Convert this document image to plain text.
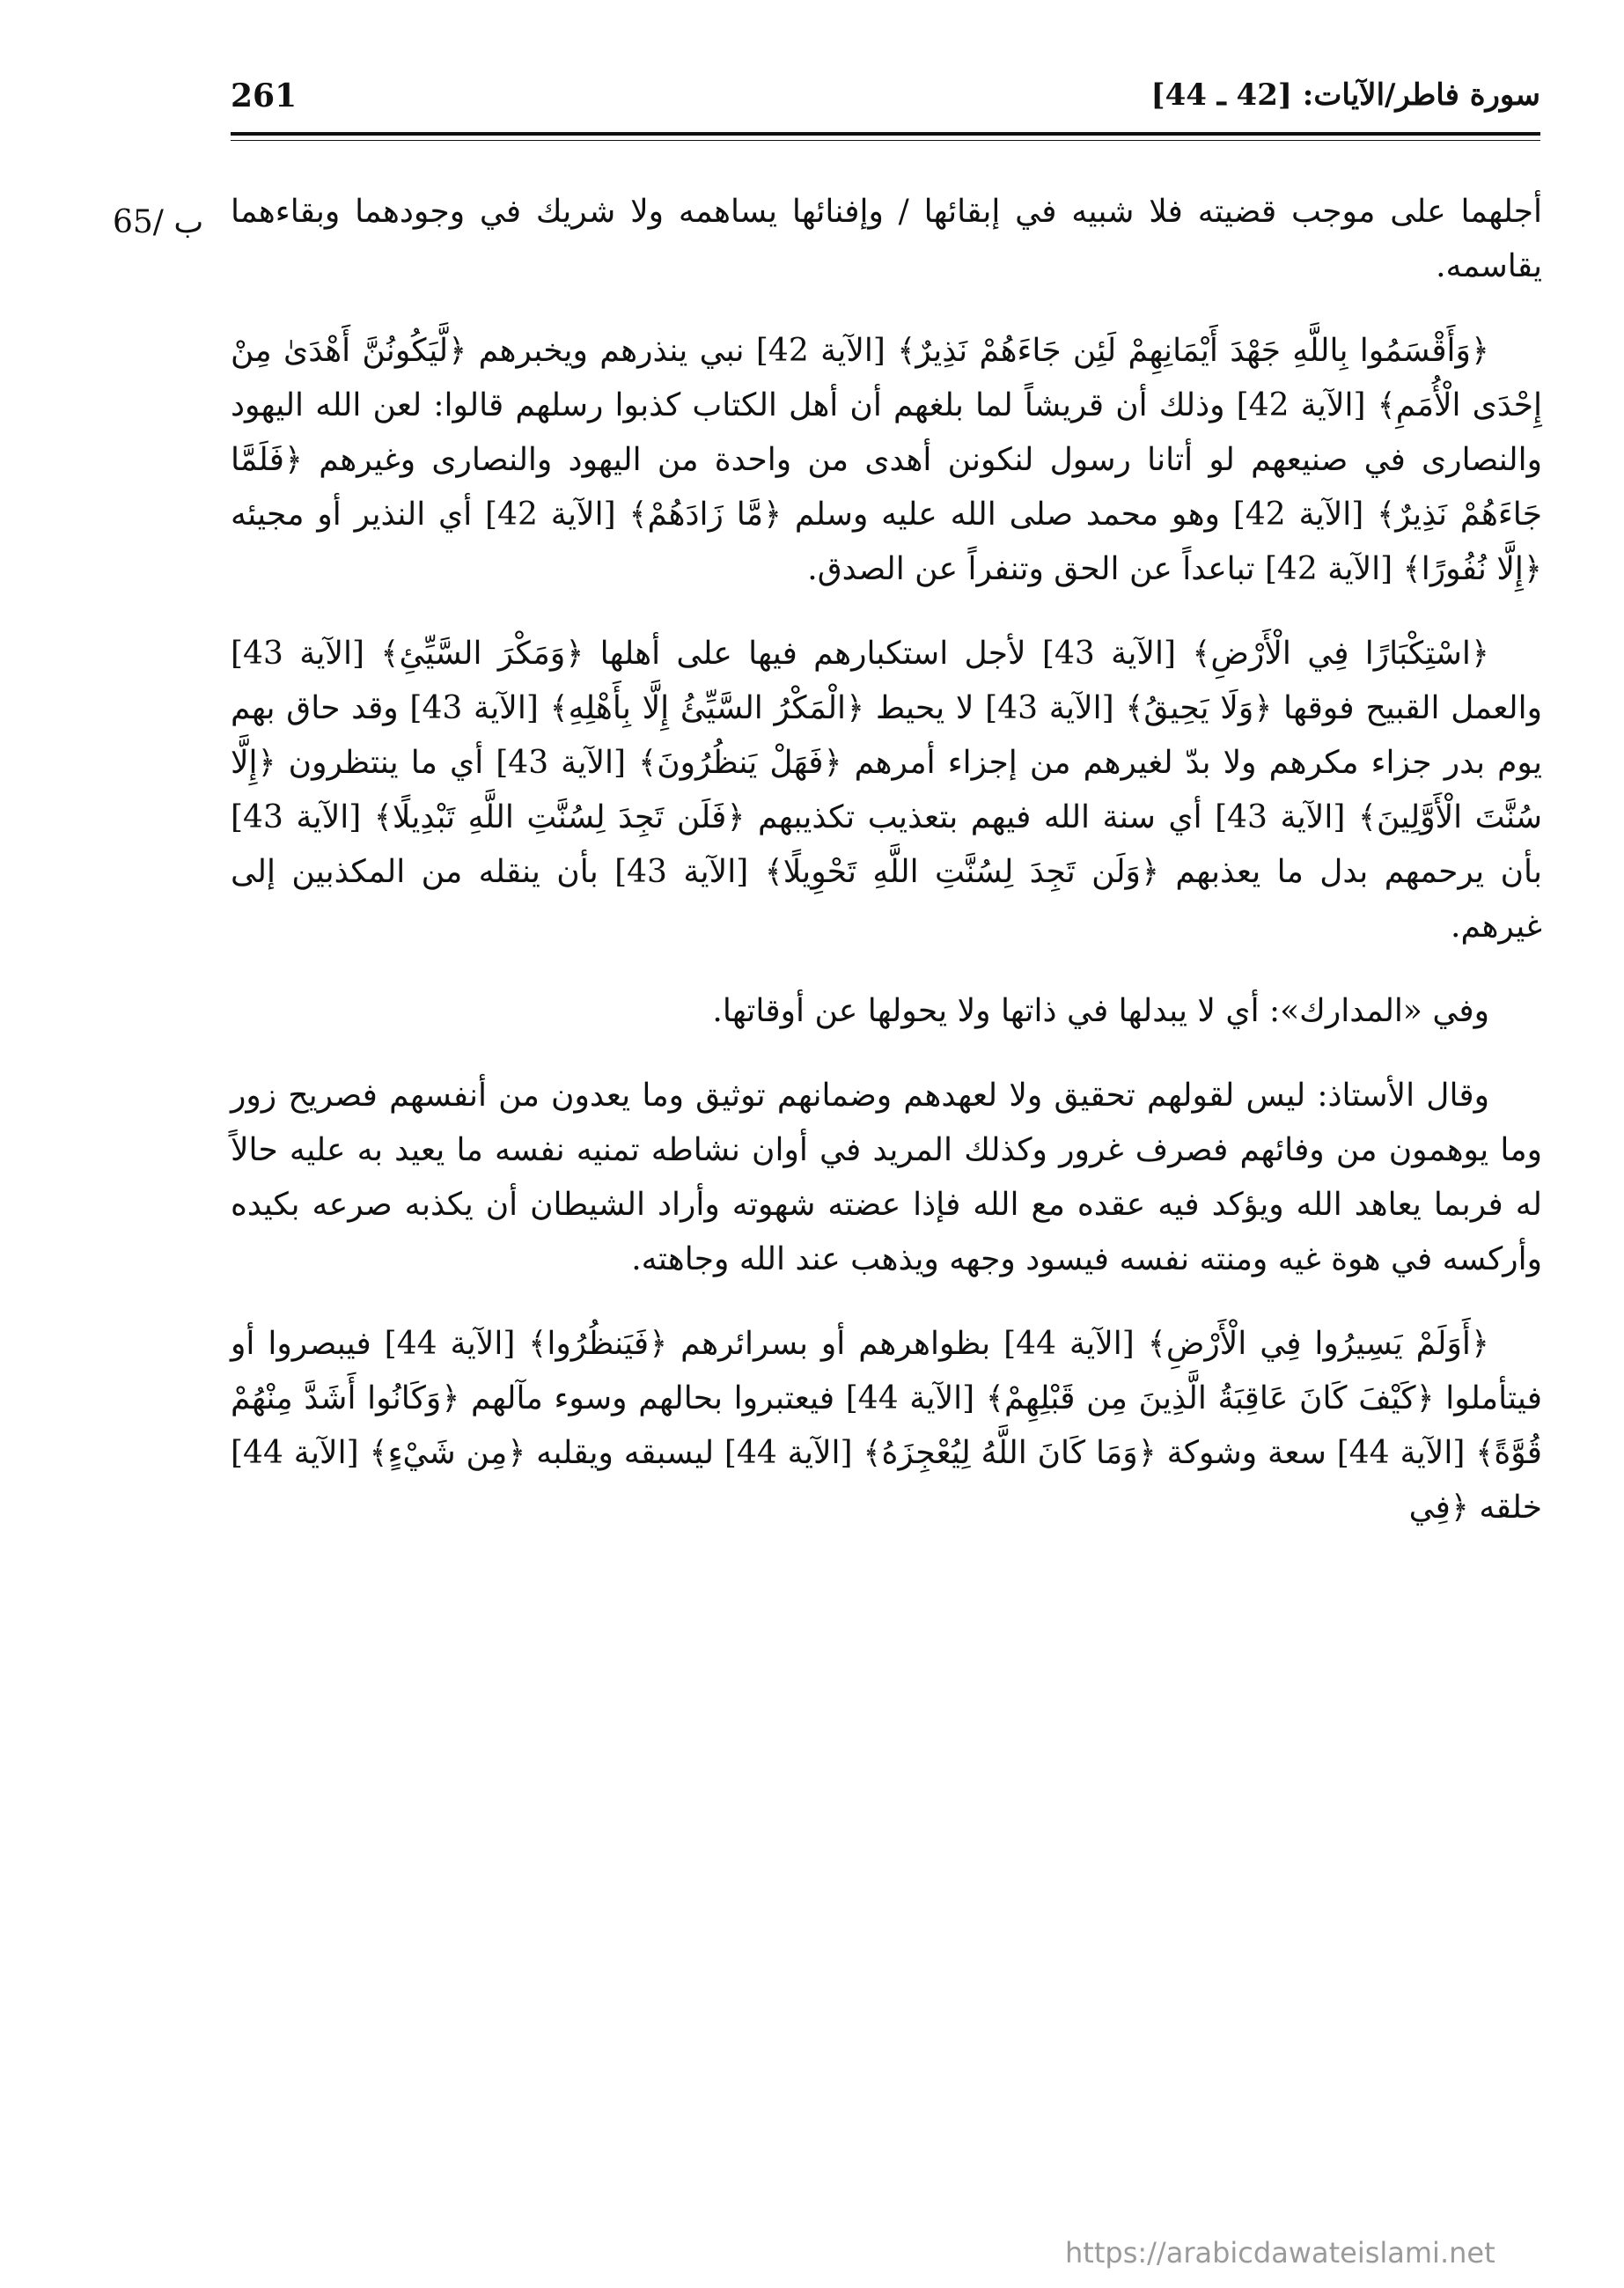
261	سورة فاطر/الآيات: [42 ـ 44]
65/ ب أجلهما على موجب قضيته فلا شبيه في إبقائها / وإفنائها يساهمه ولا شريك في وجودهما وبقاءهما يقاسمه.

﴿وَأَقْسَمُوا بِاللَّهِ جَهْدَ أَيْمَانِهِمْ لَئِن جَاءَهُمْ نَذِيرٌ﴾ [الآية 42] نبي ينذرهم ويخبرهم ﴿لَّيَكُونُنَّ أَهْدَىٰ مِنْ إِحْدَى الْأُمَمِ﴾ [الآية 42] وذلك أن قريشاً لما بلغهم أن أهل الكتاب كذبوا رسلهم قالوا: لعن الله اليهود والنصارى في صنيعهم لو أتانا رسول لنكونن أهدى من واحدة من اليهود والنصارى وغيرهم ﴿فَلَمَّا جَاءَهُمْ نَذِيرٌ﴾ [الآية 42] وهو محمد صلى الله عليه وسلم ﴿مَّا زَادَهُمْ﴾ [الآية 42] أي النذير أو مجيئه ﴿إِلَّا نُفُورًا﴾ [الآية 42] تباعداً عن الحق وتنفراً عن الصدق.

﴿اسْتِكْبَارًا فِي الْأَرْضِ﴾ [الآية 43] لأجل استكبارهم فيها على أهلها ﴿وَمَكْرَ السَّيِّئِ﴾ [الآية 43] والعمل القبيح فوقها ﴿وَلَا يَحِيقُ﴾ [الآية 43] لا يحيط ﴿الْمَكْرُ السَّيِّئُ إِلَّا بِأَهْلِهِ﴾ [الآية 43] وقد حاق بهم يوم بدر جزاء مكرهم ولا بدّ لغيرهم من إجزاء أمرهم ﴿فَهَلْ يَنظُرُونَ﴾ [الآية 43] أي ما ينتظرون ﴿إِلَّا سُنَّتَ الْأَوَّلِينَ﴾ [الآية 43] أي سنة الله فيهم بتعذيب تكذيبهم ﴿فَلَن تَجِدَ لِسُنَّتِ اللَّهِ تَبْدِيلًا﴾ [الآية 43] بأن يرحمهم بدل ما يعذبهم ﴿وَلَن تَجِدَ لِسُنَّتِ اللَّهِ تَحْوِيلًا﴾ [الآية 43] بأن ينقله من المكذبين إلى غيرهم.

وفي «المدارك»: أي لا يبدلها في ذاتها ولا يحولها عن أوقاتها.

وقال الأستاذ: ليس لقولهم تحقيق ولا لعهدهم وضمانهم توثيق وما يعدون من أنفسهم فصريح زور وما يوهمون من وفائهم فصرف غرور وكذلك المريد في أوان نشاطه تمنيه نفسه ما يعيد به عليه حالاً له فربما يعاهد الله ويؤكد فيه عقده مع الله فإذا عضته شهوته وأراد الشيطان أن يكذبه صرعه بكيده وأركسه في هوة غيه ومنته نفسه فيسود وجهه ويذهب عند الله وجاهته.

﴿أَوَلَمْ يَسِيرُوا فِي الْأَرْضِ﴾ [الآية 44] بظواهرهم أو بسرائرهم ﴿فَيَنظُرُوا﴾ [الآية 44] فيبصروا أو فيتأملوا ﴿كَيْفَ كَانَ عَاقِبَةُ الَّذِينَ مِن قَبْلِهِمْ﴾ [الآية 44] فيعتبروا بحالهم وسوء مآلهم ﴿وَكَانُوا أَشَدَّ مِنْهُمْ قُوَّةً﴾ [الآية 44] سعة وشوكة ﴿وَمَا كَانَ اللَّهُ لِيُعْجِزَهُ﴾ [الآية 44] ليسبقه ويقلبه ﴿مِن شَيْءٍ﴾ [الآية 44] خلقه ﴿فِي

https://arabicdawateislami.net
